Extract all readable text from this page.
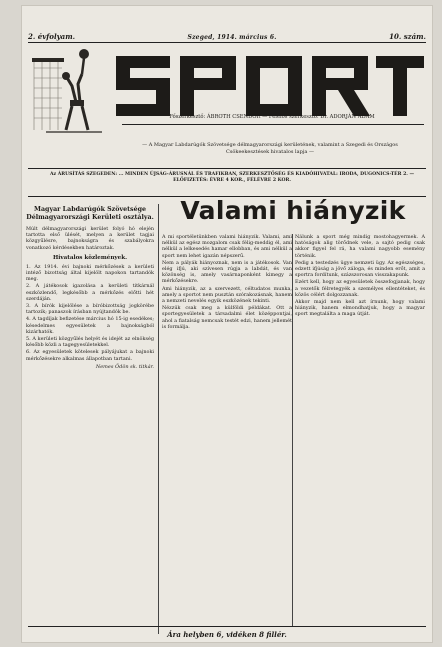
2. évfolyam.	Szeged, 1914. március 6.	10. szám.
Főszerkesztő: ÁBROTH CSENDOR — Felelős szerkesztő: Dr. ADORJÁN ÁDÁM
— A Magyar Labdarúgók Szövetsége délmagyarországi kerületének, valamint a Szegedi és Országos Csökeekesztések hivatalos lapja —
Az ÁRUSÍTÁS SZEGEDEN: ... MINDEN ÚJSÁG-ÁRUSNÁL ÉS TRAFIKBAN, SZERKESZTŐSÉG ÉS KIADÓHIVATAL: IRODA, DUGONICS-TÉR 2. — ELŐFIZETÉS: ÉVRE 4 KOR., FÉLÉVRE 2 KOR.
Magyar Labdarúgók Szövetsége Délmagyarországi Kerületi osztálya.

Múlt délmagyarországi kerület folyó hó elején tartotta első ülését, melyen a kerület tagjai közgyűlésre, bajnokságra és szabályokra vonatkozó kérdésekben határoztak.

Hivatalos közlemények.

1. Az 1914. évi bajnoki mérkőzések a kerületi intéző bizottság által kijelölt napokon tartandók meg.

2. A játékosok igazolása a kerületi titkárnál eszközlendő, legkésőbb a mérkőzés előtti hét szerdáján.

3. A bírók kijelölése a bíróbizottság jogkörébe tartozik; panaszok írásban nyújtandók be.

4. A tagdíjak befizetése március hó 15-ig esedékes; késedelmes egyesületek a bajnokságból kizárhatók.

5. A kerületi közgyűlés helyét és idejét az elnökség később közli a tagegyesületekkel.

6. Az egyesületek kötelesek pályájukat a bajnoki mérkőzésekre alkalmas állapotban tartani.

Nemes Ödön sk. titkár.
Valami hiányzik

A mi sportéletünkben valami hiányzik. Valami, ami nélkül az egész mozgalom csak félig-meddig él, ami nélkül a lelkesedés hamar ellobban, és ami nélkül a sport nem lehet igazán népszerű.

Nem a pályák hiányoznak, nem is a játékosok. Van elég ifjú, aki szívesen rúgja a labdát, és van közönség is, amely vasárnaponként kimegy a mérkőzésekre.

Ami hiányzik, az a szervezett, céltudatos munka, amely a sportot nem pusztán szórakozásnak, hanem a nemzeti nevelés egyik eszközének tekinti.

Nézzük csak meg a külföldi példákat. Ott a sportegyesületek a társadalmi élet középpontjai, ahol a fiatalság nemcsak testét edzi, hanem jellemét is formálja.

Nálunk a sport még mindig mostohagyermek. A hatóságok alig törődnek vele, a sajtó pedig csak akkor figyel fel rá, ha valami nagyobb esemény történik.

Pedig a testedzés ügye nemzeti ügy. Az egészséges, edzett ifjúság a jövő záloga, és minden erőt, amit a sportra fordítunk, százszorosan visszakapunk.

Ezért kell, hogy az egyesületek összefogjanak, hogy a vezetők félretegyék a személyes ellentéteket, és közös célért dolgozzanak.

Akkor majd nem kell azt írnunk, hogy valami hiányzik, hanem elmondhatjuk, hogy a magyar sport megtalálta a maga útját.

Ára helyben 6, vidéken 8 fillér.
